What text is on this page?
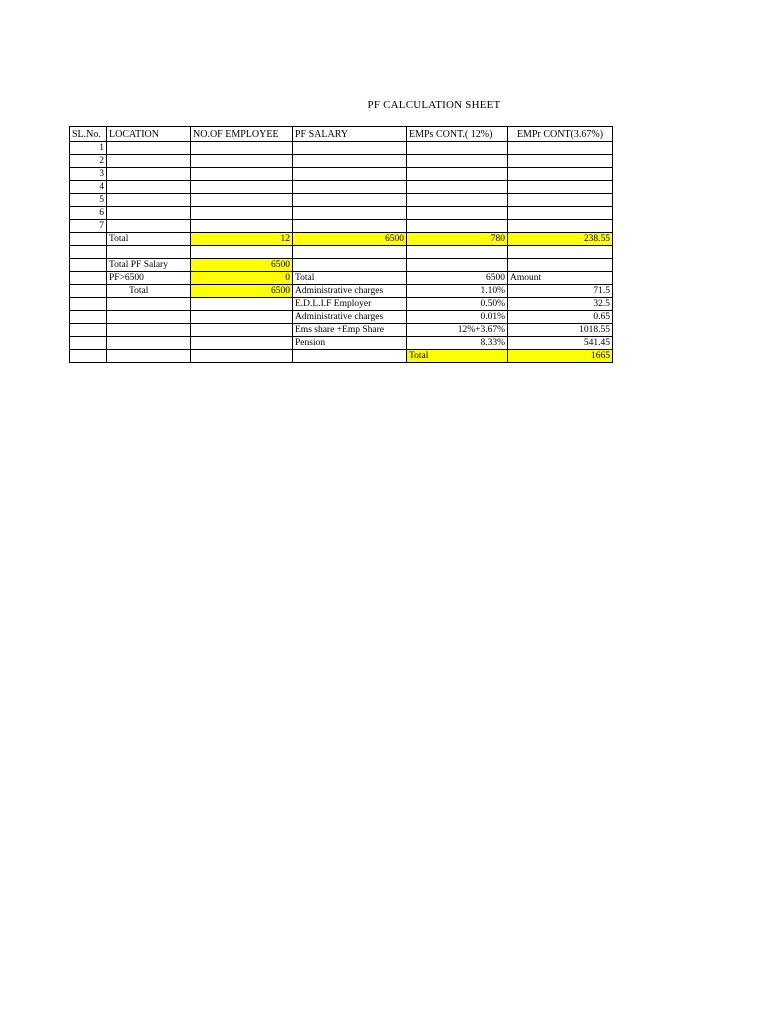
PF CALCULATION SHEET
SL.No.	LOCATION	NO.OF EMPLOYEE	PF SALARY	EMPs CONT.( 12%)	EMPr CONT(3.67%)
1					
2					
3					
4					
5					
6					
7					
	Total	12	6500	780	238.55

	Total PF Salary	6500			
	PF>6500	0	Total	6500	Amount
	Total	6500	Administrative charges	1.10%	71.5
			E.D.L.I.F Employer	0.50%	32.5
			Administrative charges	0.01%	0.65
			Ems share +Emp Share	12%+3.67%	1018.55
			Pension	8.33%	541.45
				Total	1665
